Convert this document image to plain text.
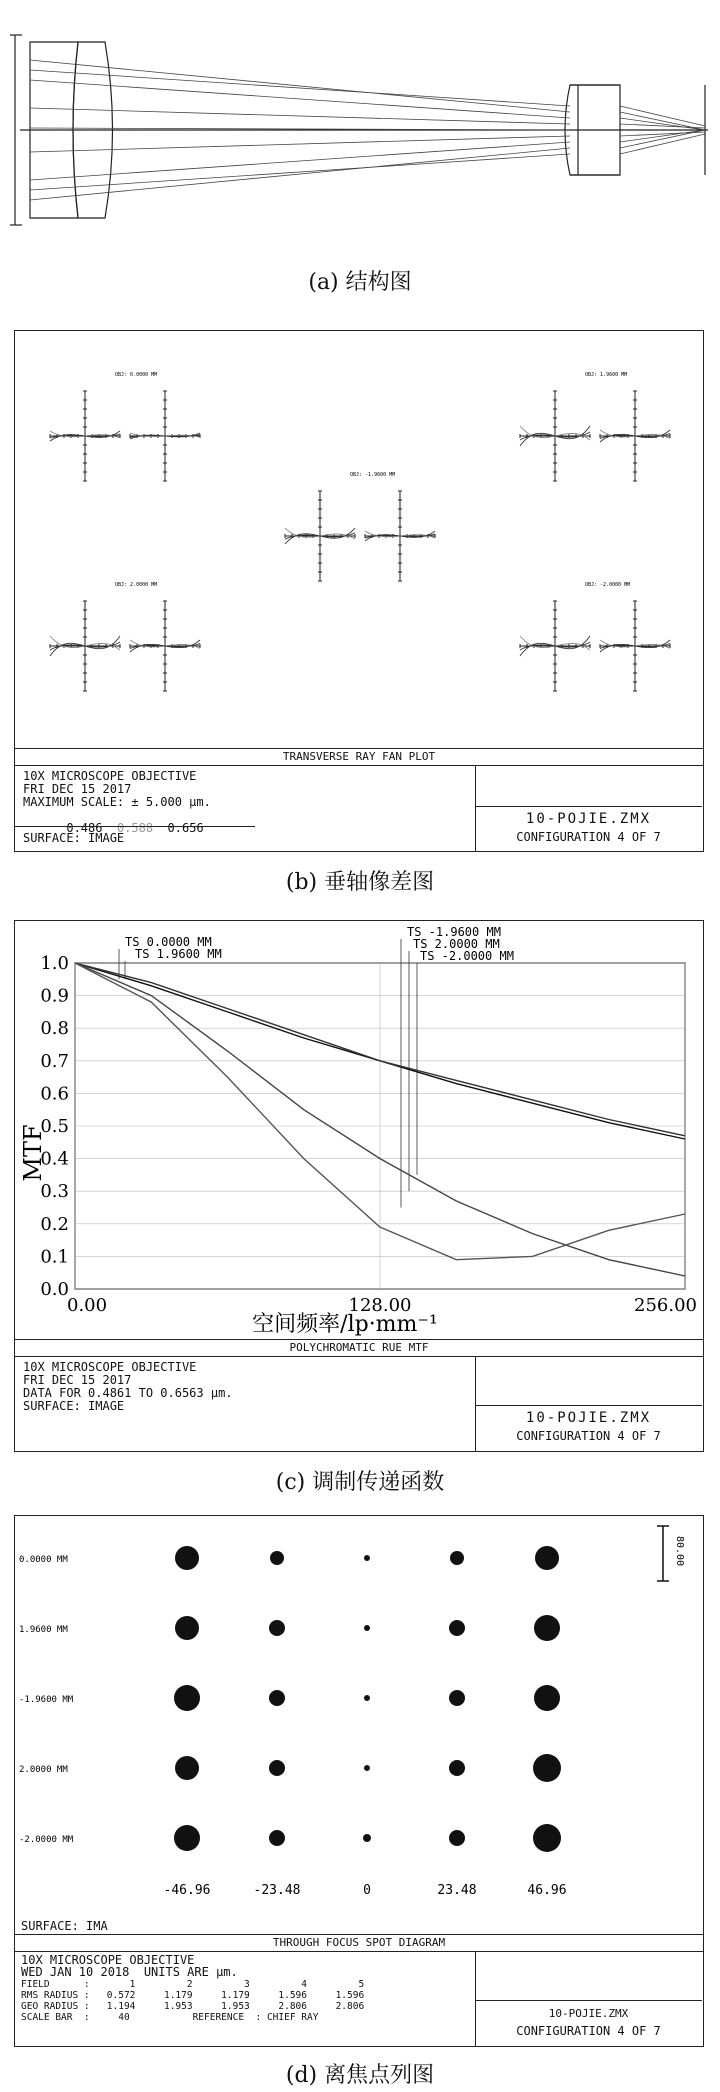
(a) 结构图
OBJ: 0.0000 MM	OBJ: 1.9600 MM
OBJ: -1.9600 MM
OBJ: 2.0000 MM	OBJ: -2.0000 MM
TRANSVERSE RAY FAN PLOT
10X MICROSCOPE OBJECTIVE
FRI DEC 15 2017
MAXIMUM SCALE: ± 5.000 µm.

0.486 0.588 0.656

SURFACE: IMAGE
10-POJIE.ZMX
CONFIGURATION 4 OF 7
(b) 垂轴像差图
0.0
0.1
0.2
0.3
0.4
0.5
0.6
0.7
0.8
0.9
1.0
0.00	128.00	256.00
TS 0.0000 MM
TS 1.9600 MM
TS -1.9600 MM
TS 2.0000 MM
TS -2.0000 MM
MTF
空间频率/lp·mm⁻¹
POLYCHROMATIC RUE MTF
10X MICROSCOPE OBJECTIVE
FRI DEC 15 2017
DATA FOR 0.4861 TO 0.6563 µm.
SURFACE: IMAGE
10-POJIE.ZMX
CONFIGURATION 4 OF 7
(c) 调制传递函数
0.0000 MM
1.9600 MM
-1.9600 MM
2.0000 MM
-2.0000 MM
-46.96	-23.48	0	23.48	46.96
80.00
SURFACE: IMA
THROUGH FOCUS SPOT DIAGRAM
10X MICROSCOPE OBJECTIVE
WED JAN 10 2018  UNITS ARE µm.
FIELD      :       1         2         3         4         5
RMS RADIUS :   0.572     1.179     1.179     1.596     1.596
GEO RADIUS :   1.194     1.953     1.953     2.806     2.806
SCALE BAR  :     40           REFERENCE  : CHIEF RAY	10-POJIE.ZMX
CONFIGURATION 4 OF 7
(d) 离焦点列图
